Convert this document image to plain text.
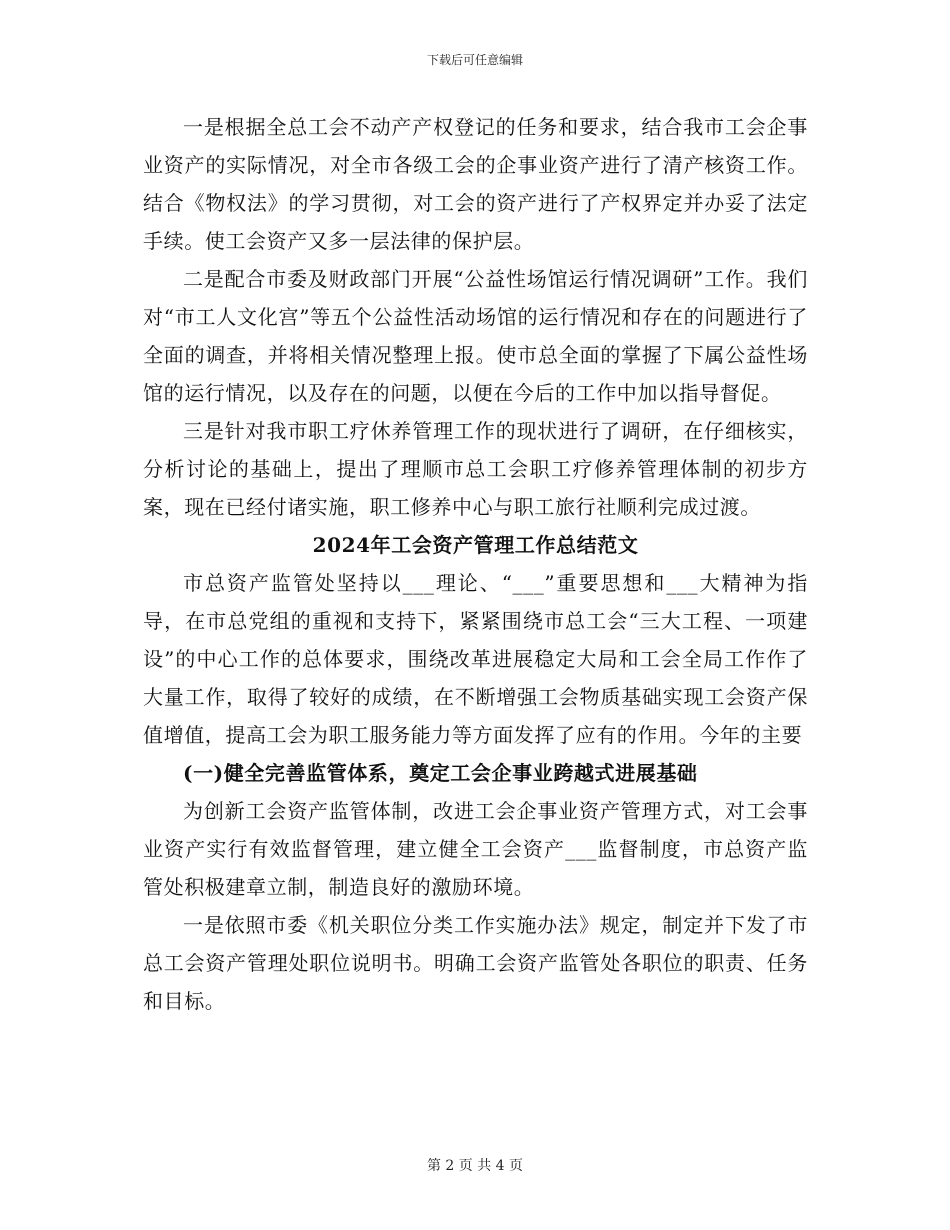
下载后可任意编辑

一是根据全总工会不动产产权登记的任务和要求，结合我市工会企事业资产的实际情况，对全市各级工会的企事业资产进行了清产核资工作。结合《物权法》的学习贯彻，对工会的资产进行了产权界定并办妥了法定手续。使工会资产又多一层法律的保护层。

二是配合市委及财政部门开展“公益性场馆运行情况调研”工作。我们对“市工人文化宫”等五个公益性活动场馆的运行情况和存在的问题进行了全面的调查，并将相关情况整理上报。使市总全面的掌握了下属公益性场馆的运行情况，以及存在的问题，以便在今后的工作中加以指导督促。

三是针对我市职工疗休养管理工作的现状进行了调研，在仔细核实，分析讨论的基础上，提出了理顺市总工会职工疗修养管理体制的初步方案，现在已经付诸实施，职工修养中心与职工旅行社顺利完成过渡。

2024年工会资产管理工作总结范文

市总资产监管处坚持以___理论、“___”重要思想和___大精神为指导，在市总党组的重视和支持下，紧紧围绕市总工会“三大工程、一项建设”的中心工作的总体要求，围绕改革进展稳定大局和工会全局工作作了大量工作，取得了较好的成绩，在不断增强工会物质基础实现工会资产保值增值，提高工会为职工服务能力等方面发挥了应有的作用。今年的主要

(一)健全完善监管体系，奠定工会企事业跨越式进展基础

为创新工会资产监管体制，改进工会企事业资产管理方式，对工会事业资产实行有效监督管理，建立健全工会资产___监督制度，市总资产监管处积极建章立制，制造良好的激励环境。

一是依照市委《机关职位分类工作实施办法》规定，制定并下发了市总工会资产管理处职位说明书。明确工会资产监管处各职位的职责、任务和目标。

第 2 页 共 4 页
